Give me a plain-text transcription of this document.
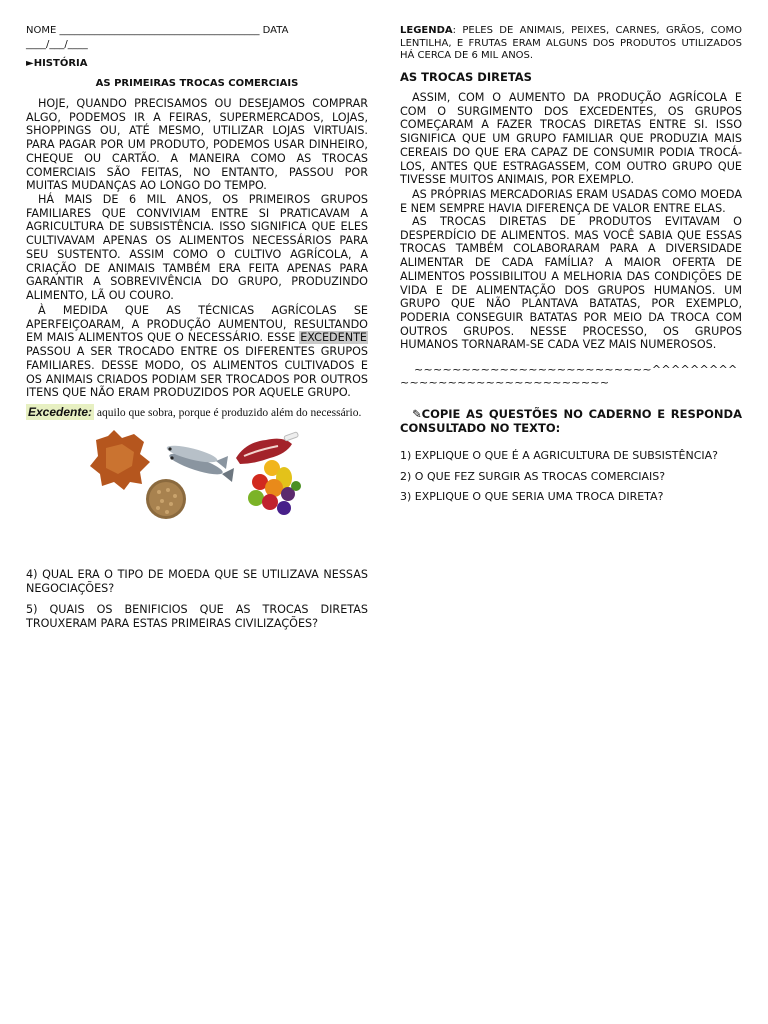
NOME ________________________________________ DATA
____/___/____
►HISTÓRIA
AS PRIMEIRAS TROCAS COMERCIAIS

HOJE, QUANDO PRECISAMOS OU DESEJAMOS COMPRAR ALGO, PODEMOS IR A FEIRAS, SUPERMERCADOS, LOJAS, SHOPPINGS OU, ATÉ MESMO, UTILIZAR LOJAS VIRTUAIS. PARA PAGAR POR UM PRODUTO, PODEMOS USAR DINHEIRO, CHEQUE OU CARTÃO. A MANEIRA COMO AS TROCAS COMERCIAIS SÃO FEITAS, NO ENTANTO, PASSOU POR MUITAS MUDANÇAS AO LONGO DO TEMPO.

HÁ MAIS DE 6 MIL ANOS, OS PRIMEIROS GRUPOS FAMILIARES QUE CONVIVIAM ENTRE SI PRATICAVAM A AGRICULTURA DE SUBSISTÊNCIA. ISSO SIGNIFICA QUE ELES CULTIVAVAM APENAS OS ALIMENTOS NECESSÁRIOS PARA SEU SUSTENTO. ASSIM COMO O CULTIVO AGRÍCOLA, A CRIAÇÃO DE ANIMAIS TAMBÉM ERA FEITA APENAS PARA GARANTIR A SOBREVIVÊNCIA DO GRUPO, PRODUZINDO ALIMENTO, LÃ OU COURO.

À MEDIDA QUE AS TÉCNICAS AGRÍCOLAS SE APERFEIÇOARAM, A PRODUÇÃO AUMENTOU, RESULTANDO EM MAIS ALIMENTOS QUE O NECESSÁRIO. ESSE EXCEDENTE PASSOU A SER TROCADO ENTRE OS DIFERENTES GRUPOS FAMILIARES. DESSE MODO, OS ALIMENTOS CULTIVADOS E OS ANIMAIS CRIADOS PODIAM SER TROCADOS POR OUTROS ITENS QUE NÃO ERAM PRODUZIDOS POR AQUELE GRUPO.

Excedente: aquilo que sobra, porque é produzido além do necessário.

4) QUAL ERA O TIPO DE MOEDA QUE SE UTILIZAVA NESSAS NEGOCIAÇÕES?

5) QUAIS OS BENIFICIOS QUE AS TROCAS DIRETAS TROUXERAM PARA ESTAS PRIMEIRAS CIVILIZAÇÕES?

LEGENDA: PELES DE ANIMAIS, PEIXES, CARNES, GRÃOS, COMO LENTILHA, E FRUTAS ERAM ALGUNS DOS PRODUTOS UTILIZADOS HÁ CERCA DE 6 MIL ANOS.

AS TROCAS DIRETAS

ASSIM, COM O AUMENTO DA PRODUÇÃO AGRÍCOLA E COM O SURGIMENTO DOS EXCEDENTES, OS GRUPOS COMEÇARAM A FAZER TROCAS DIRETAS ENTRE SI. ISSO SIGNIFICA QUE UM GRUPO FAMILIAR QUE PRODUZIA MAIS CEREAIS DO QUE ERA CAPAZ DE CONSUMIR PODIA TROCÁ-LOS, ANTES QUE ESTRAGASSEM, COM OUTRO GRUPO QUE TIVESSE MUITOS ANIMAIS, POR EXEMPLO.

AS PRÓPRIAS MERCADORIAS ERAM USADAS COMO MOEDA E NEM SEMPRE HAVIA DIFERENÇA DE VALOR ENTRE ELAS.

AS TROCAS DIRETAS DE PRODUTOS EVITAVAM O DESPERDÍCIO DE ALIMENTOS. MAS VOCÊ SABIA QUE ESSAS TROCAS TAMBÉM COLABORARAM PARA A DIVERSIDADE ALIMENTAR DE CADA FAMÍLIA? A MAIOR OFERTA DE ALIMENTOS POSSIBILITOU A MELHORIA DAS CONDIÇÕES DE VIDA E DE ALIMENTAÇÃO DOS GRUPOS HUMANOS. UM GRUPO QUE NÃO PLANTAVA BATATAS, POR EXEMPLO, PODERIA CONSEGUIR BATATAS POR MEIO DA TROCA COM OUTROS GRUPOS. NESSE PROCESSO, OS GRUPOS HUMANOS TORNARAM-SE CADA VEZ MAIS NUMEROSOS.

~~~~~~~~~~~~~~~~~~~~~~~~~^^^^^^^^^~~~~~~~~~~~~~~~~~~~~~~

✎COPIE AS QUESTÕES NO CADERNO E RESPONDA CONSULTADO NO TEXTO:

1) EXPLIQUE O QUE É A AGRICULTURA DE SUBSISTÊNCIA?

2) O QUE FEZ SURGIR AS TROCAS COMERCIAIS?

3) EXPLIQUE O QUE SERIA UMA TROCA DIRETA?
